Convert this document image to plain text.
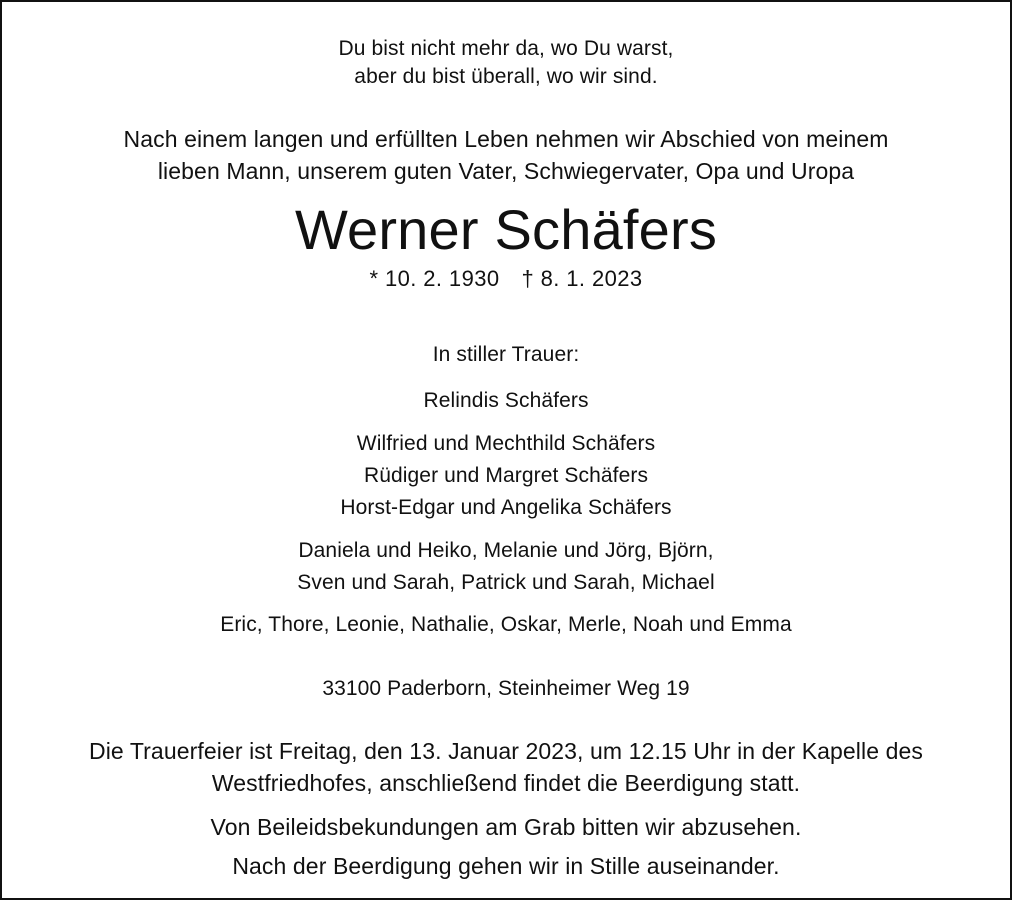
Du bist nicht mehr da, wo Du warst,
aber du bist überall, wo wir sind.
Nach einem langen und erfüllten Leben nehmen wir Abschied von meinem
lieben Mann, unserem guten Vater, Schwiegervater, Opa und Uropa
Werner Schäfers
* 10. 2. 1930 † 8. 1. 2023
In stiller Trauer:
Relindis Schäfers
Wilfried und Mechthild Schäfers
Rüdiger und Margret Schäfers
Horst-Edgar und Angelika Schäfers
Daniela und Heiko, Melanie und Jörg, Björn,
Sven und Sarah, Patrick und Sarah, Michael
Eric, Thore, Leonie, Nathalie, Oskar, Merle, Noah und Emma
33100 Paderborn, Steinheimer Weg 19
Die Trauerfeier ist Freitag, den 13. Januar 2023, um 12.15 Uhr in der Kapelle des
Westfriedhofes, anschließend findet die Beerdigung statt.
Von Beileidsbekundungen am Grab bitten wir abzusehen.
Nach der Beerdigung gehen wir in Stille auseinander.
